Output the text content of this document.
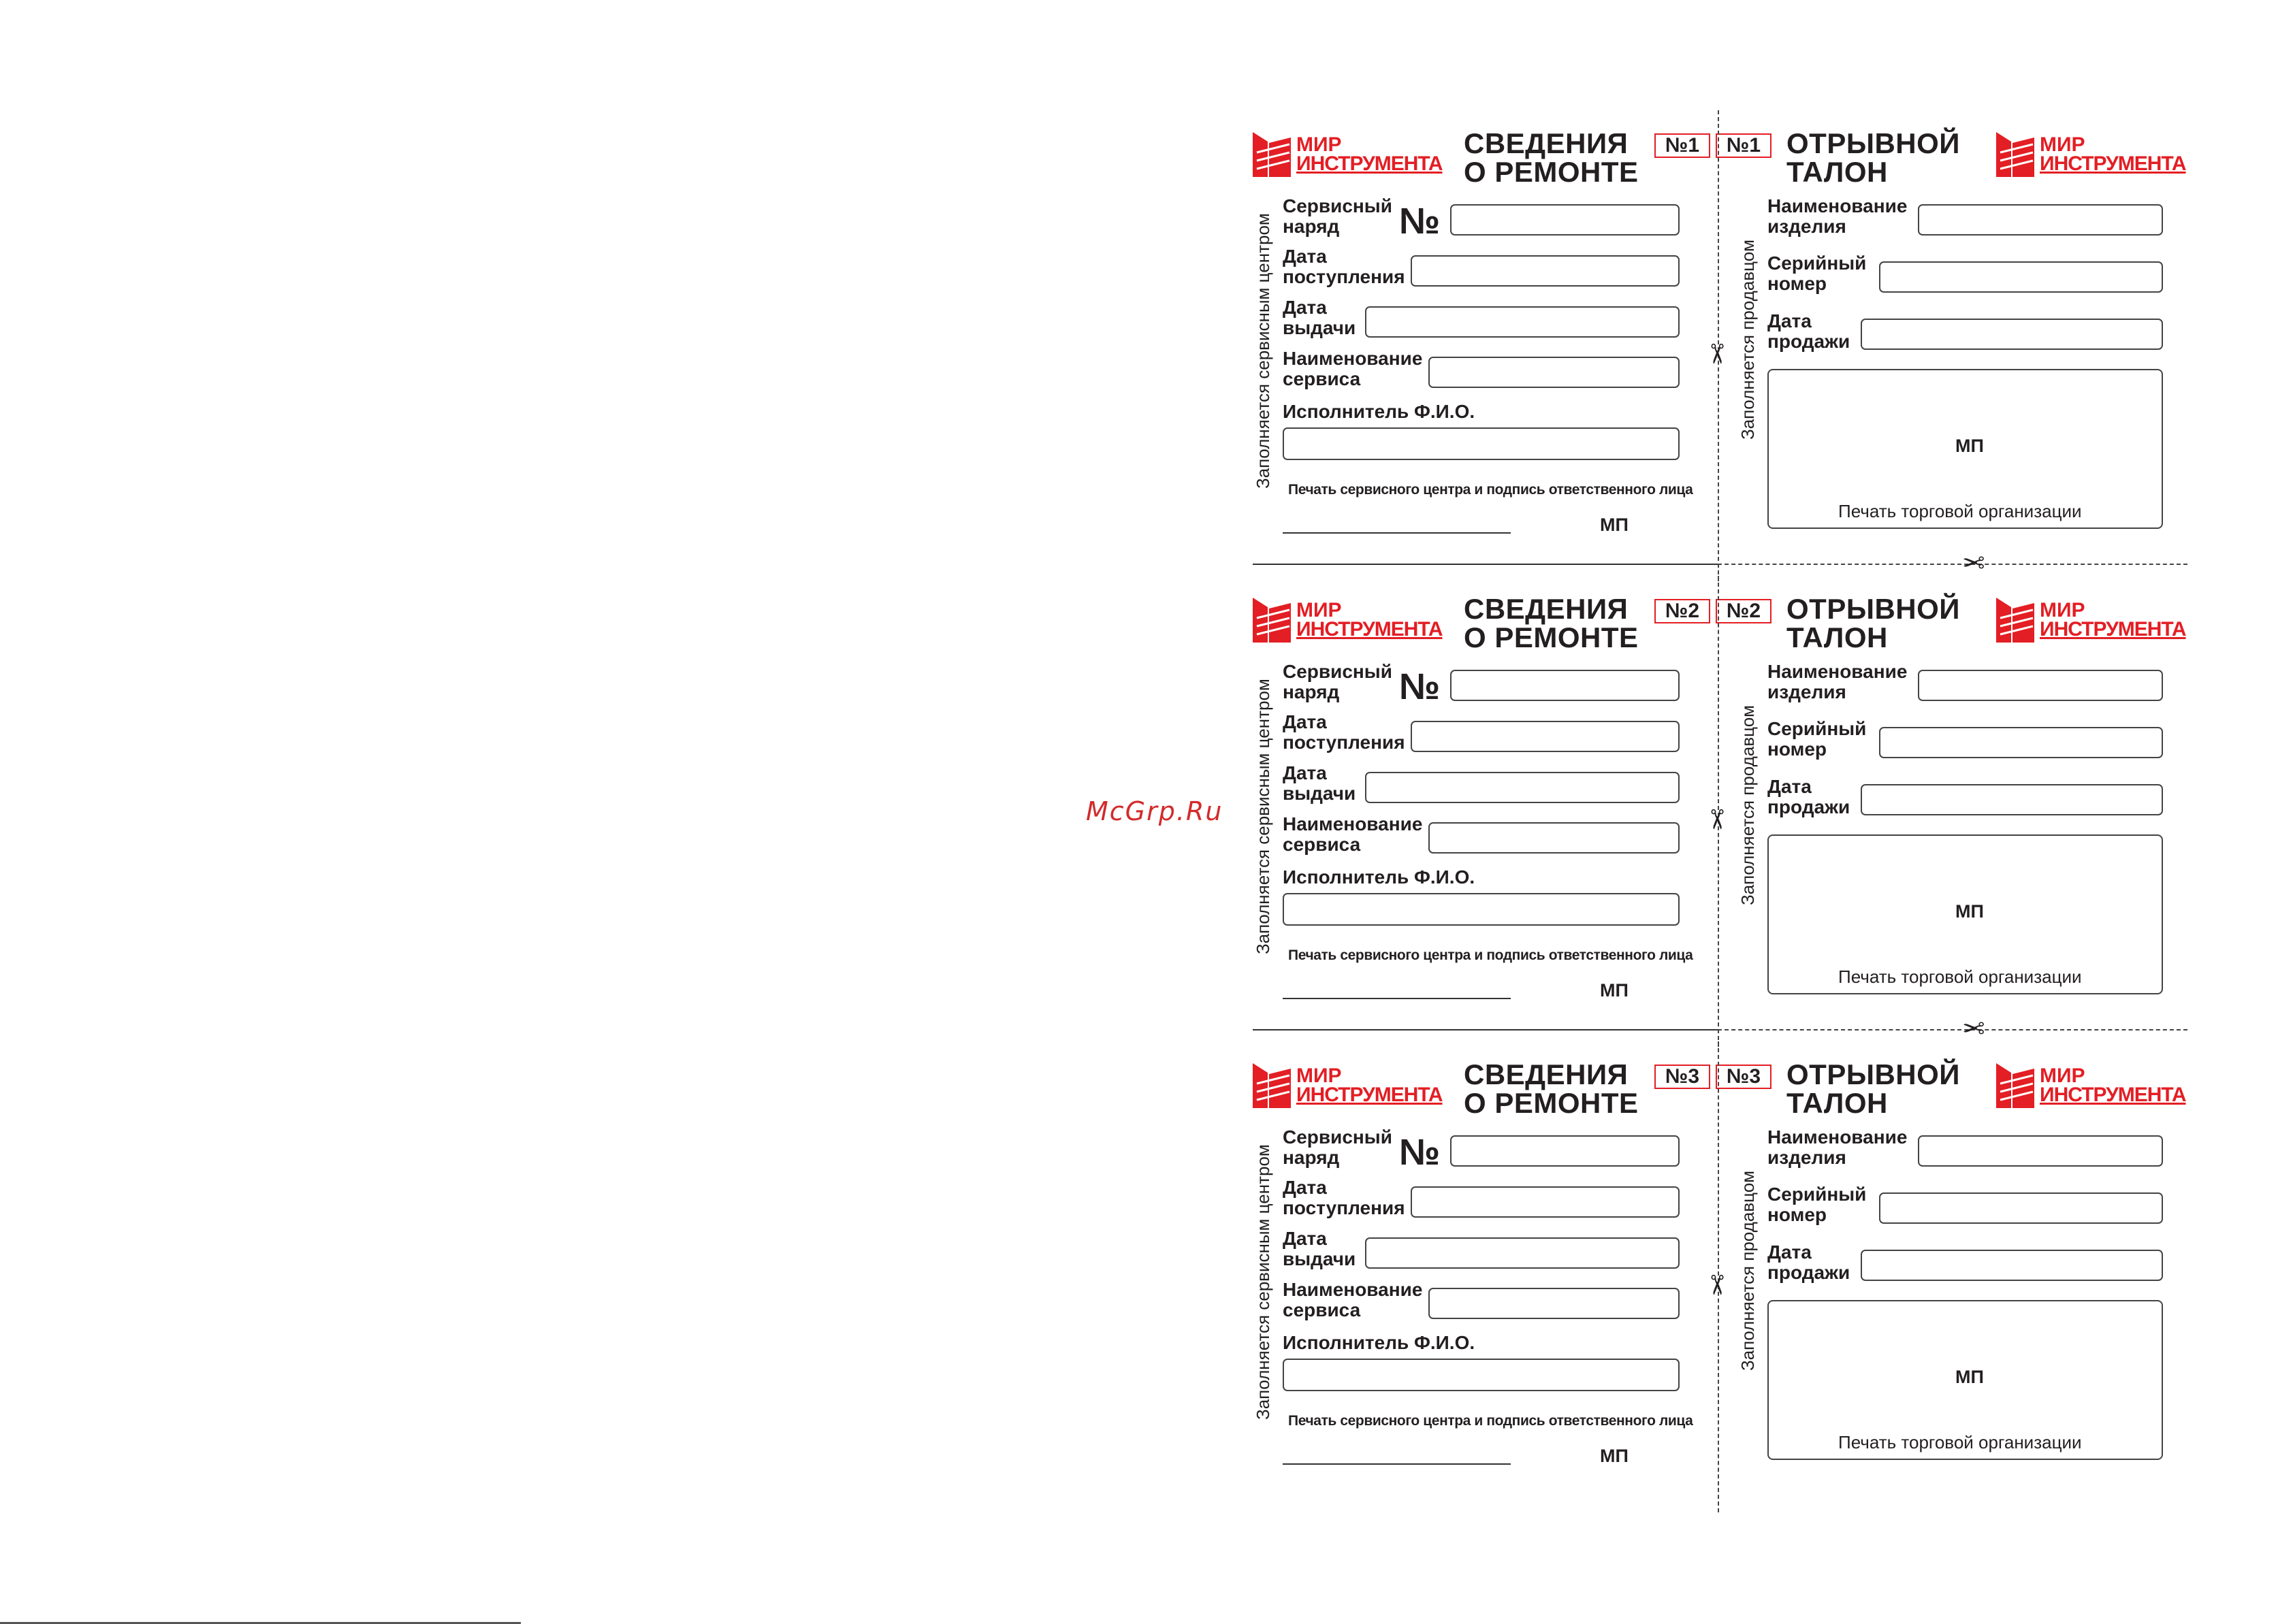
McGrp.Ru
МИР
ИНСТРУМЕНТА
СВЕДЕНИЯ
О РЕМОНТЕ
№1	№1
Заполняется сервисным центром
Сервисный
наряд	№
Дата
поступления
Дата
выдачи
Наименование
сервиса
Исполнитель Ф.И.О.
Печать сервисного центра и подпись ответственного лица
МП
✂
ОТРЫВНОЙ
ТАЛОН
МИР
ИНСТРУМЕНТА
Заполняется продавцом
Наименование
изделия
Серийный
номер
Дата
продажи
МП
Печать торговой организации
✂
МИР
ИНСТРУМЕНТА
СВЕДЕНИЯ
О РЕМОНТЕ
№2	№2
Заполняется сервисным центром
Сервисный
наряд	№
Дата
поступления
Дата
выдачи
Наименование
сервиса
Исполнитель Ф.И.О.
Печать сервисного центра и подпись ответственного лица
МП
✂
ОТРЫВНОЙ
ТАЛОН
МИР
ИНСТРУМЕНТА
Заполняется продавцом
Наименование
изделия
Серийный
номер
Дата
продажи
МП
Печать торговой организации
✂
МИР
ИНСТРУМЕНТА
СВЕДЕНИЯ
О РЕМОНТЕ
№3	№3
Заполняется сервисным центром
Сервисный
наряд	№
Дата
поступления
Дата
выдачи
Наименование
сервиса
Исполнитель Ф.И.О.
Печать сервисного центра и подпись ответственного лица
МП
✂
ОТРЫВНОЙ
ТАЛОН
МИР
ИНСТРУМЕНТА
Заполняется продавцом
Наименование
изделия
Серийный
номер
Дата
продажи
МП
Печать торговой организации
